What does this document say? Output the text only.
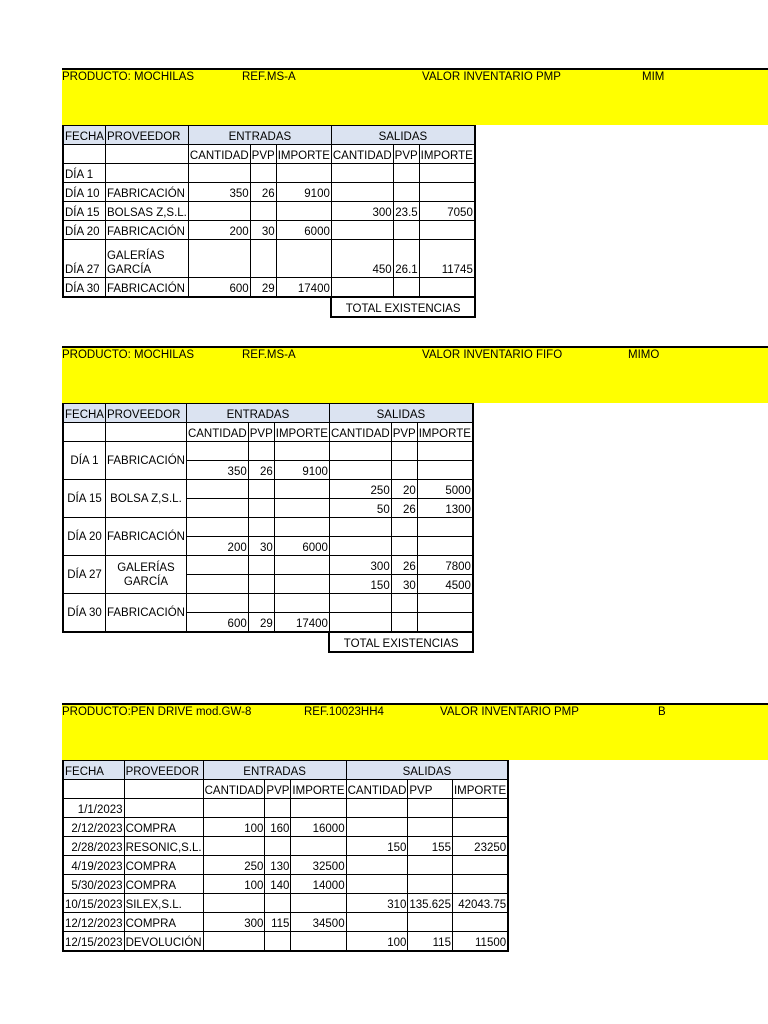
PRODUCTO: MOCHILAS	REF.MS-A	VALOR INVENTARIO PMP	MIM
FECHA	PROVEEDOR	ENTRADAS			SALIDAS		
		CANTIDAD	PVP	IMPORTE	CANTIDAD	PVP	IMPORTE
DÍA 1							
DÍA 10	FABRICACIÓN	350	26	9100			
DÍA 15	BOLSAS Z,S.L.				300	23.5	7050
DÍA 20	FABRICACIÓN	200	30	6000			
DÍA 27	GALERÍAS GARCÍA				450	26.1	11745
DÍA 30	FABRICACIÓN	600	29	17400			
					TOTAL EXISTENCIAS		
PRODUCTO: MOCHILAS	REF.MS-A	VALOR INVENTARIO FIFO	MIMO
FECHA	PROVEEDOR	ENTRADAS			SALIDAS		
		CANTIDAD	PVP	IMPORTE	CANTIDAD	PVP	IMPORTE
DÍA 1	FABRICACIÓN						
		350	26	9100			
DÍA 15	BOLSA Z,S.L.				250	20	5000
					50	26	1300
DÍA 20	FABRICACIÓN						
		200	30	6000			
DÍA 27	GALERÍAS GARCÍA				300	26	7800
					150	30	4500
DÍA 30	FABRICACIÓN						
		600	29	17400			
					TOTAL EXISTENCIAS		
PRODUCTO:PEN DRIVE mod.GW-8	REF.10023HH4	VALOR INVENTARIO PMP	B
FECHA	PROVEEDOR	ENTRADAS			SALIDAS		
		CANTIDAD	PVP	IMPORTE	CANTIDAD	PVP	IMPORTE
1/1/2023							
2/12/2023	COMPRA	100	160	16000			
2/28/2023	RESONIC,S.L.				150	155	23250
4/19/2023	COMPRA	250	130	32500			
5/30/2023	COMPRA	100	140	14000			
10/15/2023	SILEX,S.L.				310	135.625	42043.75
12/12/2023	COMPRA	300	115	34500			
12/15/2023	DEVOLUCIÓN				100	115	11500
